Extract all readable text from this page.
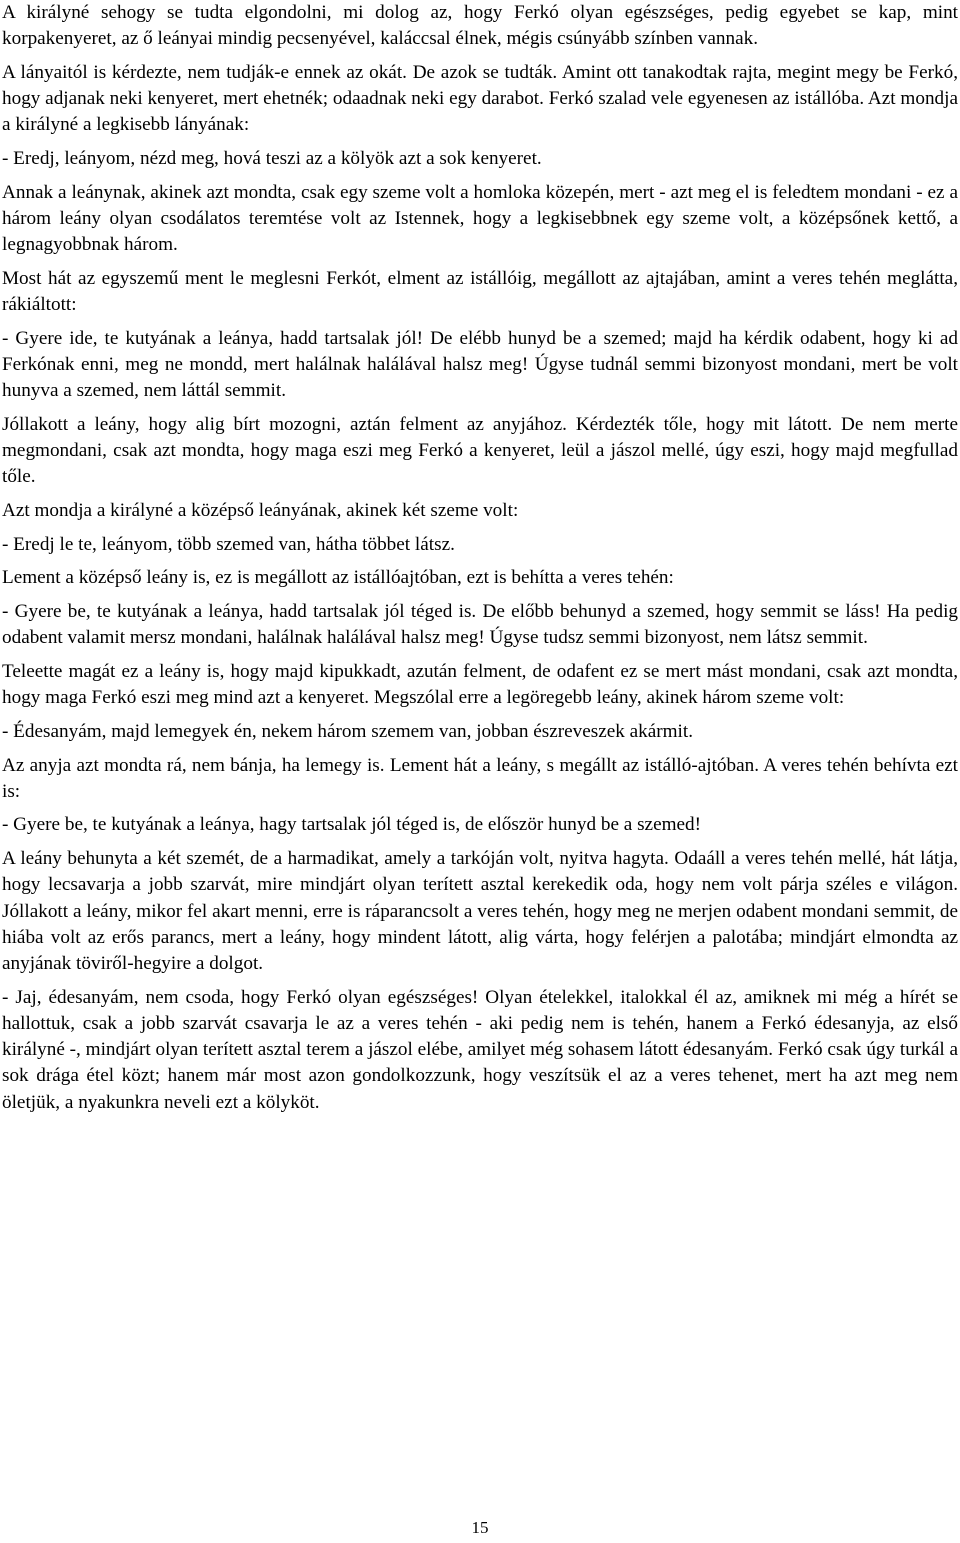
A királyné sehogy se tudta elgondolni, mi dolog az, hogy Ferkó olyan egészséges, pedig egyebet se kap, mint korpakenyeret, az ő leányai mindig pecsenyével, kaláccsal élnek, mégis csúnyább színben vannak.

A lányaitól is kérdezte, nem tudják-e ennek az okát. De azok se tudták. Amint ott tanakodtak rajta, megint megy be Ferkó, hogy adjanak neki kenyeret, mert ehetnék; odaadnak neki egy darabot. Ferkó szalad vele egyenesen az istállóba. Azt mondja a királyné a legkisebb lányának:

- Eredj, leányom, nézd meg, hová teszi az a kölyök azt a sok kenyeret.

Annak a leánynak, akinek azt mondta, csak egy szeme volt a homloka közepén, mert - azt meg el is feledtem mondani - ez a három leány olyan csodálatos teremtése volt az Istennek, hogy a legkisebbnek egy szeme volt, a középsőnek kettő, a legnagyobbnak három.

Most hát az egyszemű ment le meglesni Ferkót, elment az istállóig, megállott az ajtajában, amint a veres tehén meglátta, rákiáltott:

- Gyere ide, te kutyának a leánya, hadd tartsalak jól! De elébb hunyd be a szemed; majd ha kérdik odabent, hogy ki ad Ferkónak enni, meg ne mondd, mert halálnak halálával halsz meg! Úgyse tudnál semmi bizonyost mondani, mert be volt hunyva a szemed, nem láttál semmit.

Jóllakott a leány, hogy alig bírt mozogni, aztán felment az anyjához. Kérdezték tőle, hogy mit látott. De nem merte megmondani, csak azt mondta, hogy maga eszi meg Ferkó a kenyeret, leül a jászol mellé, úgy eszi, hogy majd megfullad tőle.

Azt mondja a királyné a középső leányának, akinek két szeme volt:

- Eredj le te, leányom, több szemed van, hátha többet látsz.

Lement a középső leány is, ez is megállott az istállóajtóban, ezt is behítta a veres tehén:

- Gyere be, te kutyának a leánya, hadd tartsalak jól téged is. De előbb behunyd a szemed, hogy semmit se láss! Ha pedig odabent valamit mersz mondani, halálnak halálával halsz meg! Úgyse tudsz semmi bizonyost, nem látsz semmit.

Teleette magát ez a leány is, hogy majd kipukkadt, azután felment, de odafent ez se mert mást mondani, csak azt mondta, hogy maga Ferkó eszi meg mind azt a kenyeret. Megszólal erre a legöregebb leány, akinek három szeme volt:

- Édesanyám, majd lemegyek én, nekem három szemem van, jobban észreveszek akármit.

Az anyja azt mondta rá, nem bánja, ha lemegy is. Lement hát a leány, s megállt az istálló-ajtóban. A veres tehén behívta ezt is:

- Gyere be, te kutyának a leánya, hagy tartsalak jól téged is, de először hunyd be a szemed!

A leány behunyta a két szemét, de a harmadikat, amely a tarkóján volt, nyitva hagyta. Odaáll a veres tehén mellé, hát látja, hogy lecsavarja a jobb szarvát, mire mindjárt olyan terített asztal kerekedik oda, hogy nem volt párja széles e világon. Jóllakott a leány, mikor fel akart menni, erre is ráparancsolt a veres tehén, hogy meg ne merjen odabent mondani semmit, de hiába volt az erős parancs, mert a leány, hogy mindent látott, alig várta, hogy felérjen a palotába; mindjárt elmondta az anyjának töviről-hegyire a dolgot.

- Jaj, édesanyám, nem csoda, hogy Ferkó olyan egészséges! Olyan ételekkel, italokkal él az, amiknek mi még a hírét se hallottuk, csak a jobb szarvát csavarja le az a veres tehén - aki pedig nem is tehén, hanem a Ferkó édesanyja, az első királyné -, mindjárt olyan terített asztal terem a jászol elébe, amilyet még sohasem látott édesanyám. Ferkó csak úgy turkál a sok drága étel közt; hanem már most azon gondolkozzunk, hogy veszítsük el az a veres tehenet, mert ha azt meg nem öletjük, a nyakunkra neveli ezt a kölyköt.

15
